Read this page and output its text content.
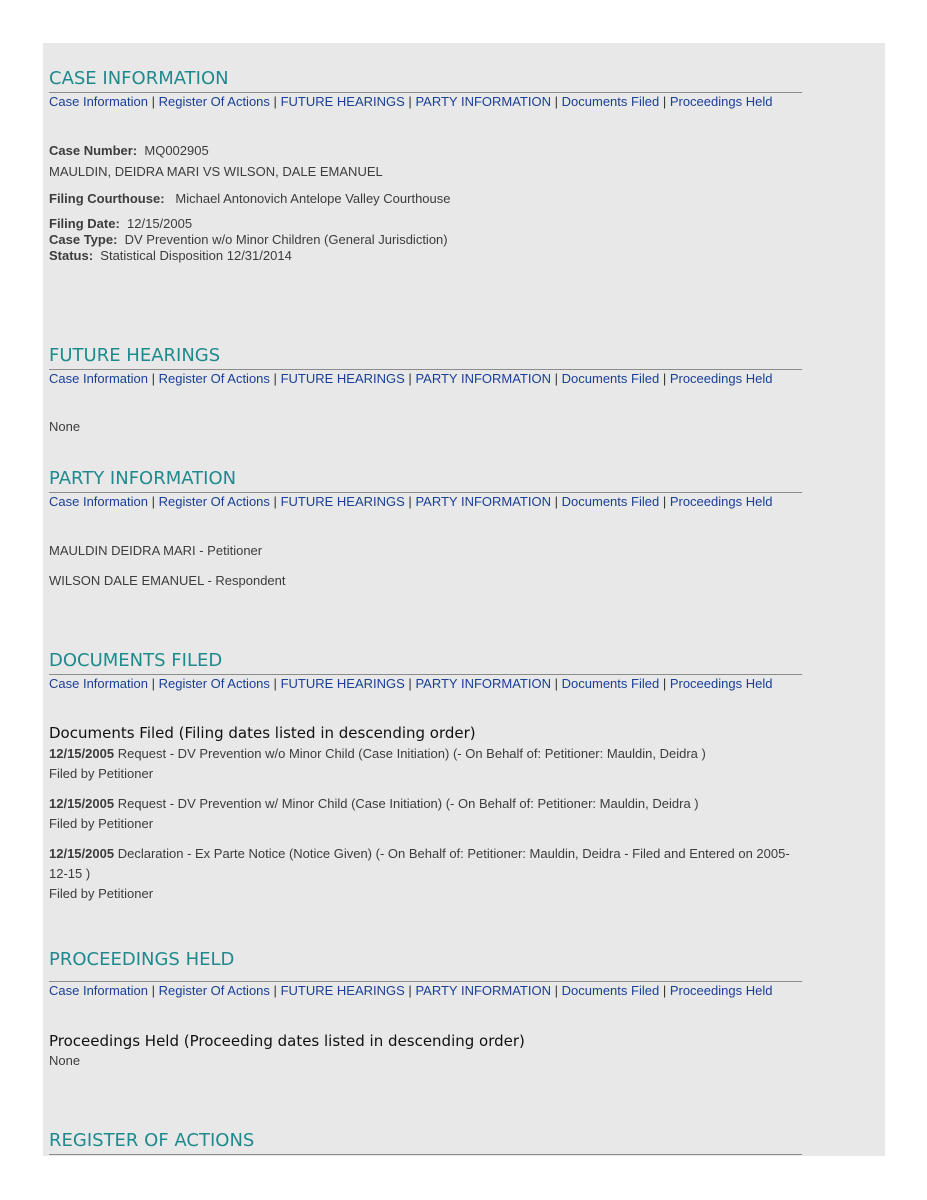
CASE INFORMATION
Case Information | Register Of Actions | FUTURE HEARINGS | PARTY INFORMATION | Documents Filed | Proceedings Held
Case Number: MQ002905
MAULDIN, DEIDRA MARI VS WILSON, DALE EMANUEL
Filing Courthouse: Michael Antonovich Antelope Valley Courthouse
Filing Date: 12/15/2005
Case Type: DV Prevention w/o Minor Children (General Jurisdiction)
Status: Statistical Disposition 12/31/2014
FUTURE HEARINGS
Case Information | Register Of Actions | FUTURE HEARINGS | PARTY INFORMATION | Documents Filed | Proceedings Held
None
PARTY INFORMATION
Case Information | Register Of Actions | FUTURE HEARINGS | PARTY INFORMATION | Documents Filed | Proceedings Held
MAULDIN DEIDRA MARI - Petitioner
WILSON DALE EMANUEL - Respondent
DOCUMENTS FILED
Case Information | Register Of Actions | FUTURE HEARINGS | PARTY INFORMATION | Documents Filed | Proceedings Held
Documents Filed (Filing dates listed in descending order)
12/15/2005 Request - DV Prevention w/o Minor Child (Case Initiation) (- On Behalf of: Petitioner: Mauldin, Deidra )
Filed by Petitioner
12/15/2005 Request - DV Prevention w/ Minor Child (Case Initiation) (- On Behalf of: Petitioner: Mauldin, Deidra )
Filed by Petitioner
12/15/2005 Declaration - Ex Parte Notice (Notice Given) (- On Behalf of: Petitioner: Mauldin, Deidra - Filed and Entered on 2005-12-15 )
Filed by Petitioner
PROCEEDINGS HELD
Case Information | Register Of Actions | FUTURE HEARINGS | PARTY INFORMATION | Documents Filed | Proceedings Held
Proceedings Held (Proceeding dates listed in descending order)
None
REGISTER OF ACTIONS
